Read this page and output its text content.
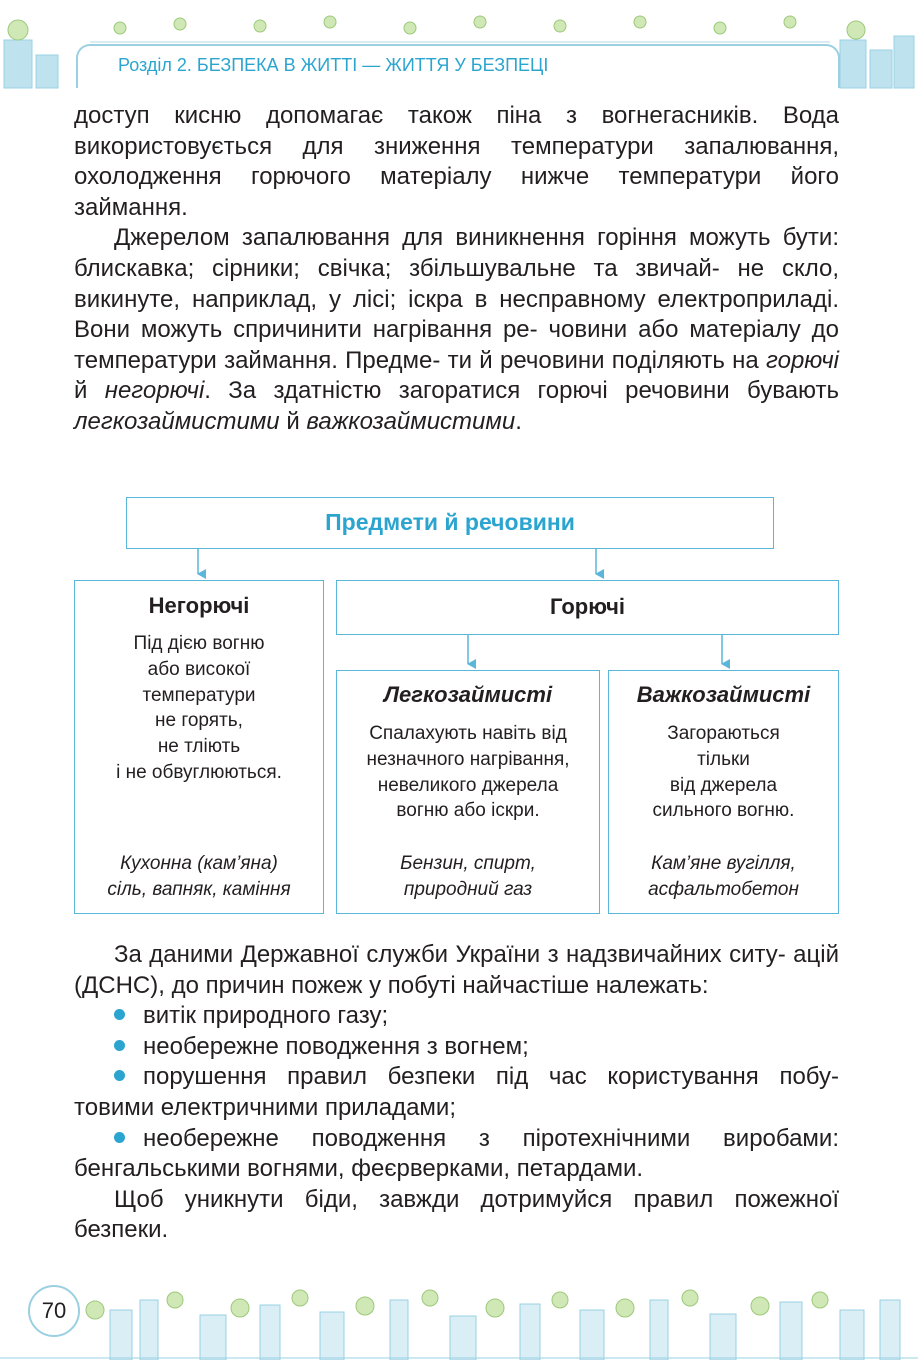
Розділ 2. БЕЗПЕКА В ЖИТТІ — ЖИТТЯ У БЕЗПЕЦІ

доступ кисню допомагає також піна з вогнегасників. Вода використовується для зниження температури запалювання, охолодження горючого матеріалу нижче температури його займання.

Джерелом запалювання для виникнення горіння можуть бути: блискавка; сірники; свічка; збільшувальне та звичай- не скло, викинуте, наприклад, у лісі; іскра в несправному електроприладі. Вони можуть спричинити нагрівання ре- човини або матеріалу до температури займання. Предме- ти й речовини поділяють на горючі й негорючі. За здатністю загоратися горючі речовини бувають легкозаймистими й важкозаймистими.

Предмети й речовини
Негорючі
Під дією вогню
або високої
температури
не горять,
не тліють
і не обвуглюються.
Кухонна (кам’яна)
сіль, вапняк, каміння
Горючі
Легкозаймисті
Спалахують навіть від
незначного нагрівання,
невеликого джерела
вогню або іскри.
Бензин, спирт,
природний газ
Важкозаймисті
Загораються
тільки
від джерела
сильного вогню.
Кам’яне вугілля,
асфальтобетон

За даними Державної служби України з надзвичайних ситу- ацій (ДСНС), до причин пожеж у побуті найчастіше належать:

витік природного газу;

необережне поводження з вогнем;

порушення правил безпеки під час користування побу- товими електричними приладами;

необережне поводження з піротехнічними виробами: бенгальськими вогнями, феєрверками, петардами.

Щоб уникнути біди, завжди дотримуйся правил пожежної безпеки.

70
